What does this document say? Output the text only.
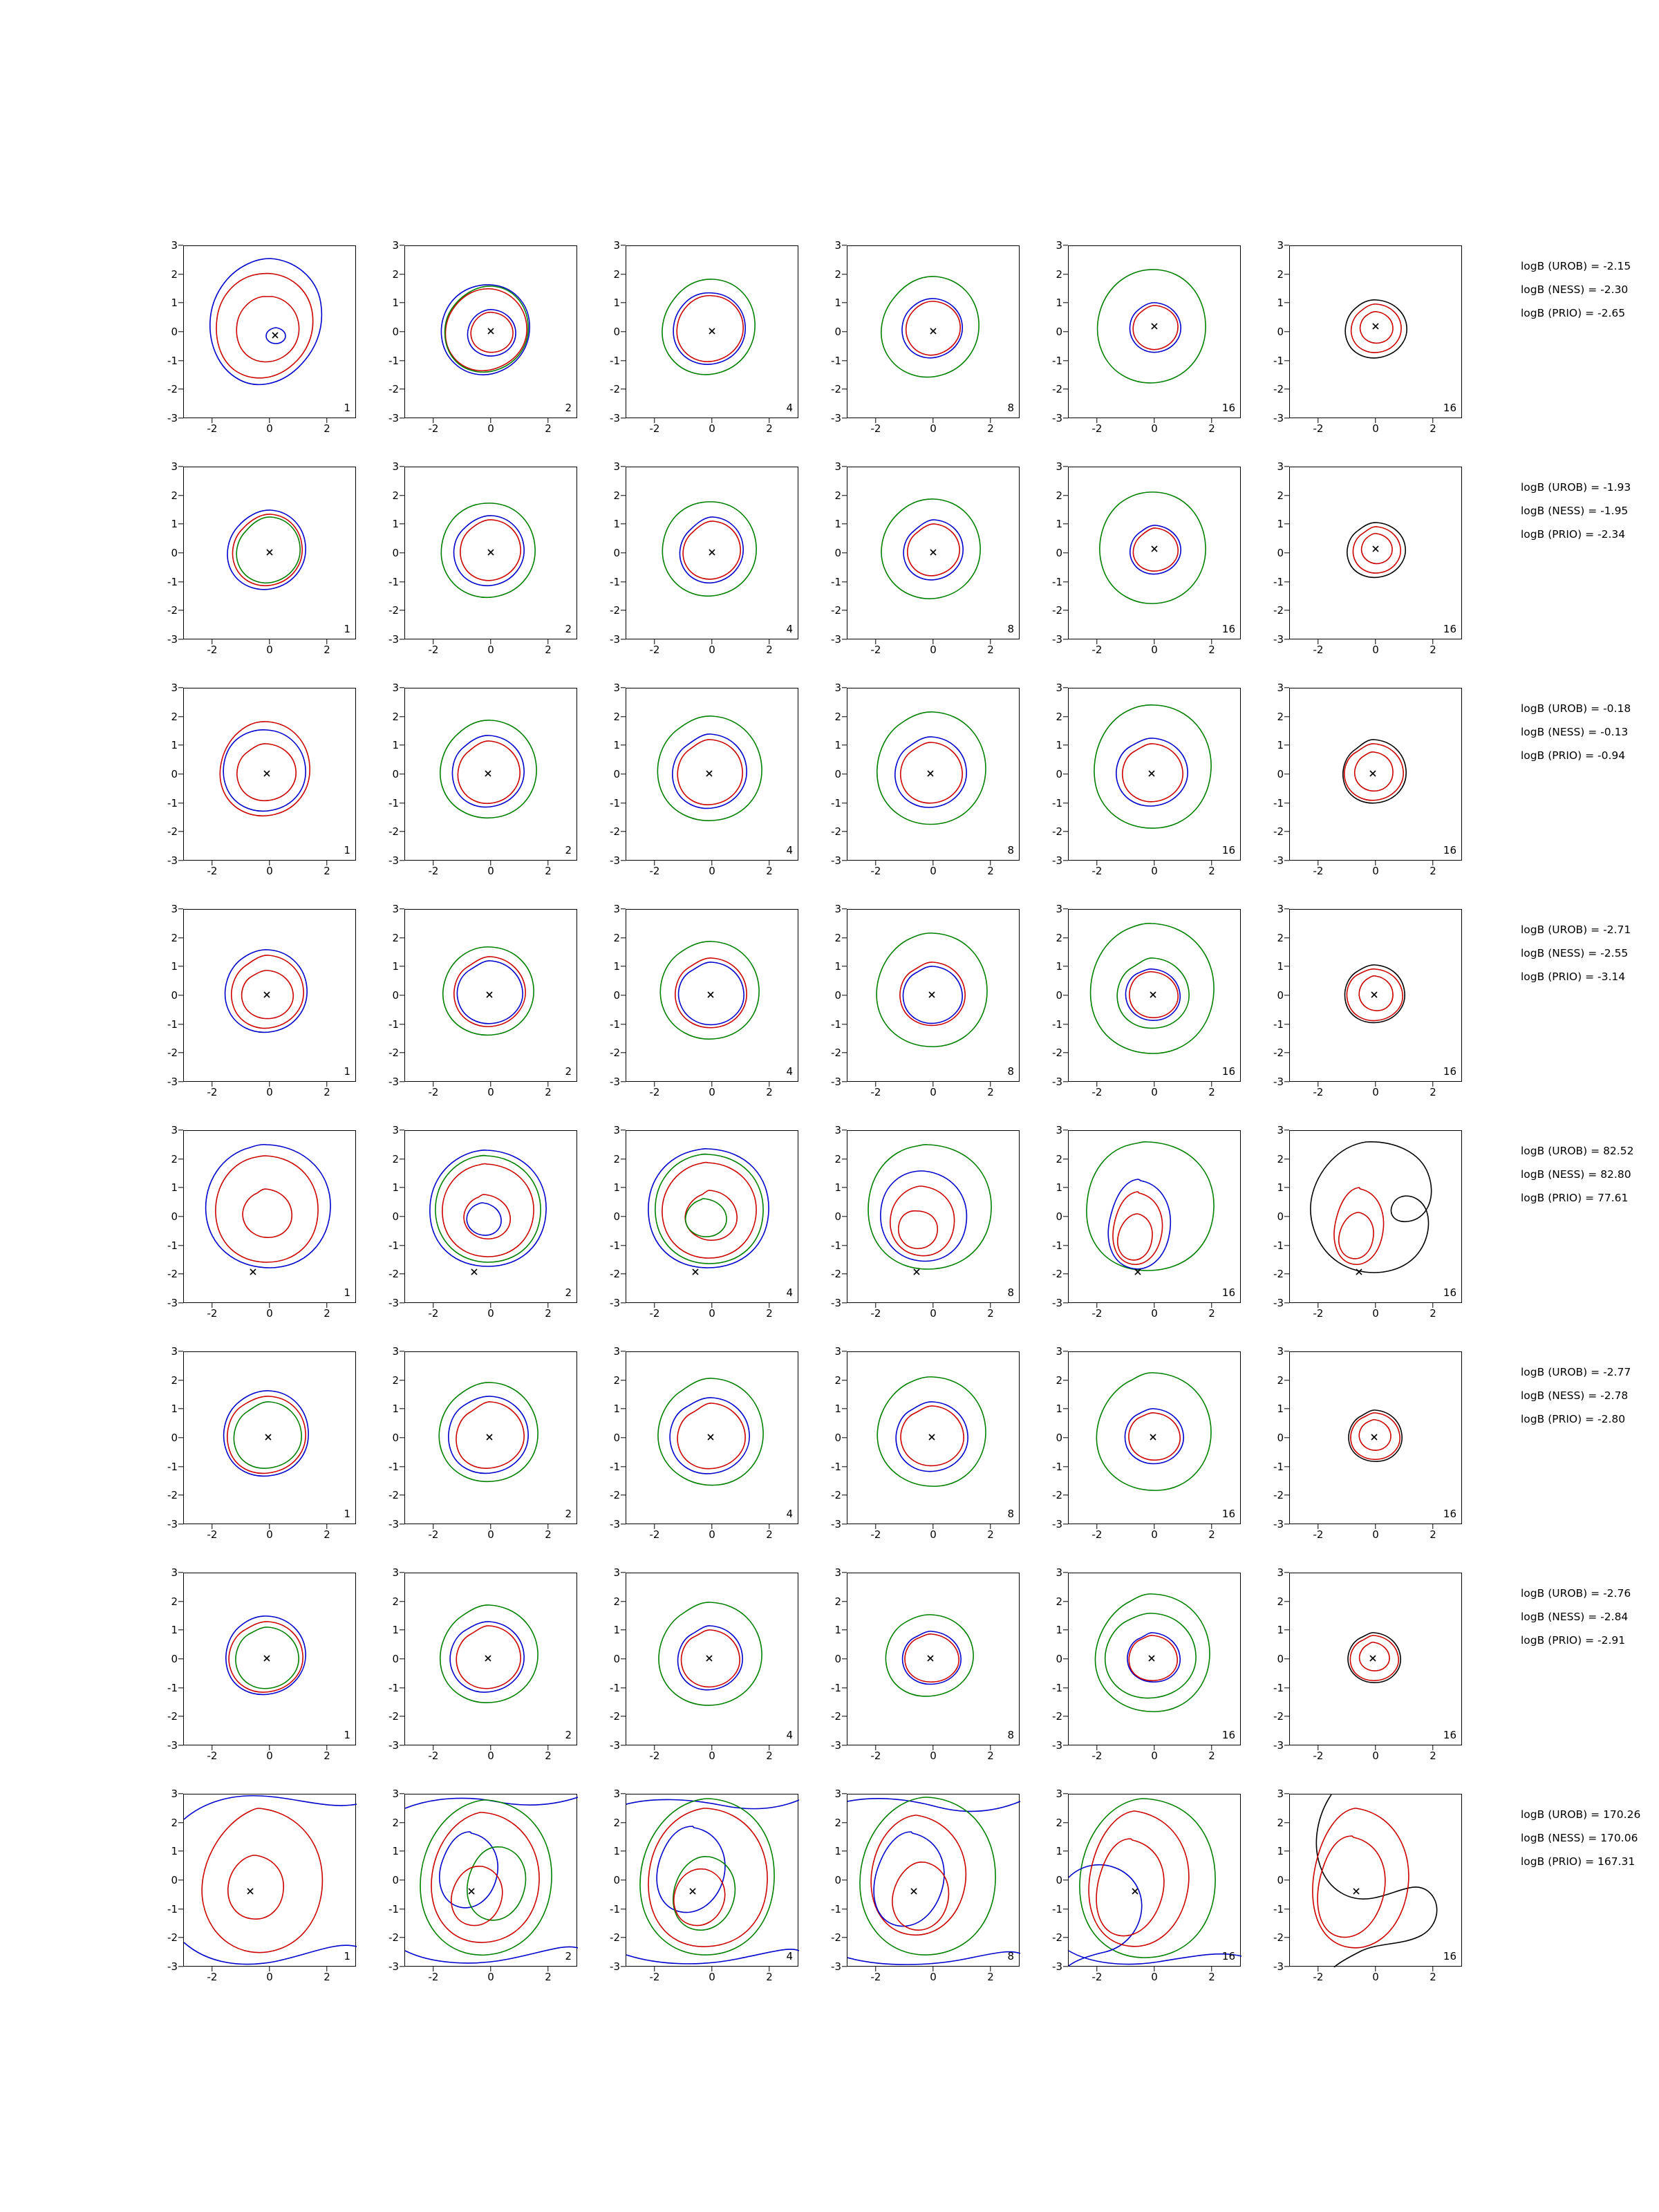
1
-2	0	2
3
2
1
0
-1
-2
-3
2
-2	0	2
3
2
1
0
-1
-2
-3
4
-2	0	2
3
2
1
0
-1
-2
-3
8
-2	0	2
3
2
1
0
-1
-2
-3
16
-2	0	2
3
2
1
0
-1
-2
-3
16
-2	0	2
3
2
1
0
-1
-2
-3
1
-2	0	2
3
2
1
0
-1
-2
-3
2
-2	0	2
3
2
1
0
-1
-2
-3
4
-2	0	2
3
2
1
0
-1
-2
-3
8
-2	0	2
3
2
1
0
-1
-2
-3
16
-2	0	2
3
2
1
0
-1
-2
-3
16
-2	0	2
3
2
1
0
-1
-2
-3
1
-2	0	2
3
2
1
0
-1
-2
-3
2
-2	0	2
3
2
1
0
-1
-2
-3
4
-2	0	2
3
2
1
0
-1
-2
-3
8
-2	0	2
3
2
1
0
-1
-2
-3
16
-2	0	2
3
2
1
0
-1
-2
-3
16
-2	0	2
3
2
1
0
-1
-2
-3
1
-2	0	2
3
2
1
0
-1
-2
-3
2
-2	0	2
3
2
1
0
-1
-2
-3
4
-2	0	2
3
2
1
0
-1
-2
-3
8
-2	0	2
3
2
1
0
-1
-2
-3
16
-2	0	2
3
2
1
0
-1
-2
-3
16
-2	0	2
3
2
1
0
-1
-2
-3
1
-2	0	2
3
2
1
0
-1
-2
-3
2
-2	0	2
3
2
1
0
-1
-2
-3
4
-2	0	2
3
2
1
0
-1
-2
-3
8
-2	0	2
3
2
1
0
-1
-2
-3
16
-2	0	2
3
2
1
0
-1
-2
-3
16
-2	0	2
3
2
1
0
-1
-2
-3
1
-2	0	2
3
2
1
0
-1
-2
-3
2
-2	0	2
3
2
1
0
-1
-2
-3
4
-2	0	2
3
2
1
0
-1
-2
-3
8
-2	0	2
3
2
1
0
-1
-2
-3
16
-2	0	2
3
2
1
0
-1
-2
-3
16
-2	0	2
3
2
1
0
-1
-2
-3
1
-2	0	2
3
2
1
0
-1
-2
-3
2
-2	0	2
3
2
1
0
-1
-2
-3
4
-2	0	2
3
2
1
0
-1
-2
-3
8
-2	0	2
3
2
1
0
-1
-2
-3
16
-2	0	2
3
2
1
0
-1
-2
-3
16
-2	0	2
3
2
1
0
-1
-2
-3
1
-2	0	2
3
2
1
0
-1
-2
-3
2
-2	0	2
3
2
1
0
-1
-2
-3
4
-2	0	2
3
2
1
0
-1
-2
-3
8
-2	0	2
3
2
1
0
-1
-2
-3
16
-2	0	2
3
2
1
0
-1
-2
-3
16
-2	0	2
3
2
1
0
-1
-2
-3
logB (UROB) = -2.15
logB (NESS) = -2.30
logB (PRIO) = -2.65
logB (UROB) = -1.93
logB (NESS) = -1.95
logB (PRIO) = -2.34
logB (UROB) = -0.18
logB (NESS) = -0.13
logB (PRIO) = -0.94
logB (UROB) = -2.71
logB (NESS) = -2.55
logB (PRIO) = -3.14
logB (UROB) = 82.52
logB (NESS) = 82.80
logB (PRIO) = 77.61
logB (UROB) = -2.77
logB (NESS) = -2.78
logB (PRIO) = -2.80
logB (UROB) = -2.76
logB (NESS) = -2.84
logB (PRIO) = -2.91
logB (UROB) = 170.26
logB (NESS) = 170.06
logB (PRIO) = 167.31
